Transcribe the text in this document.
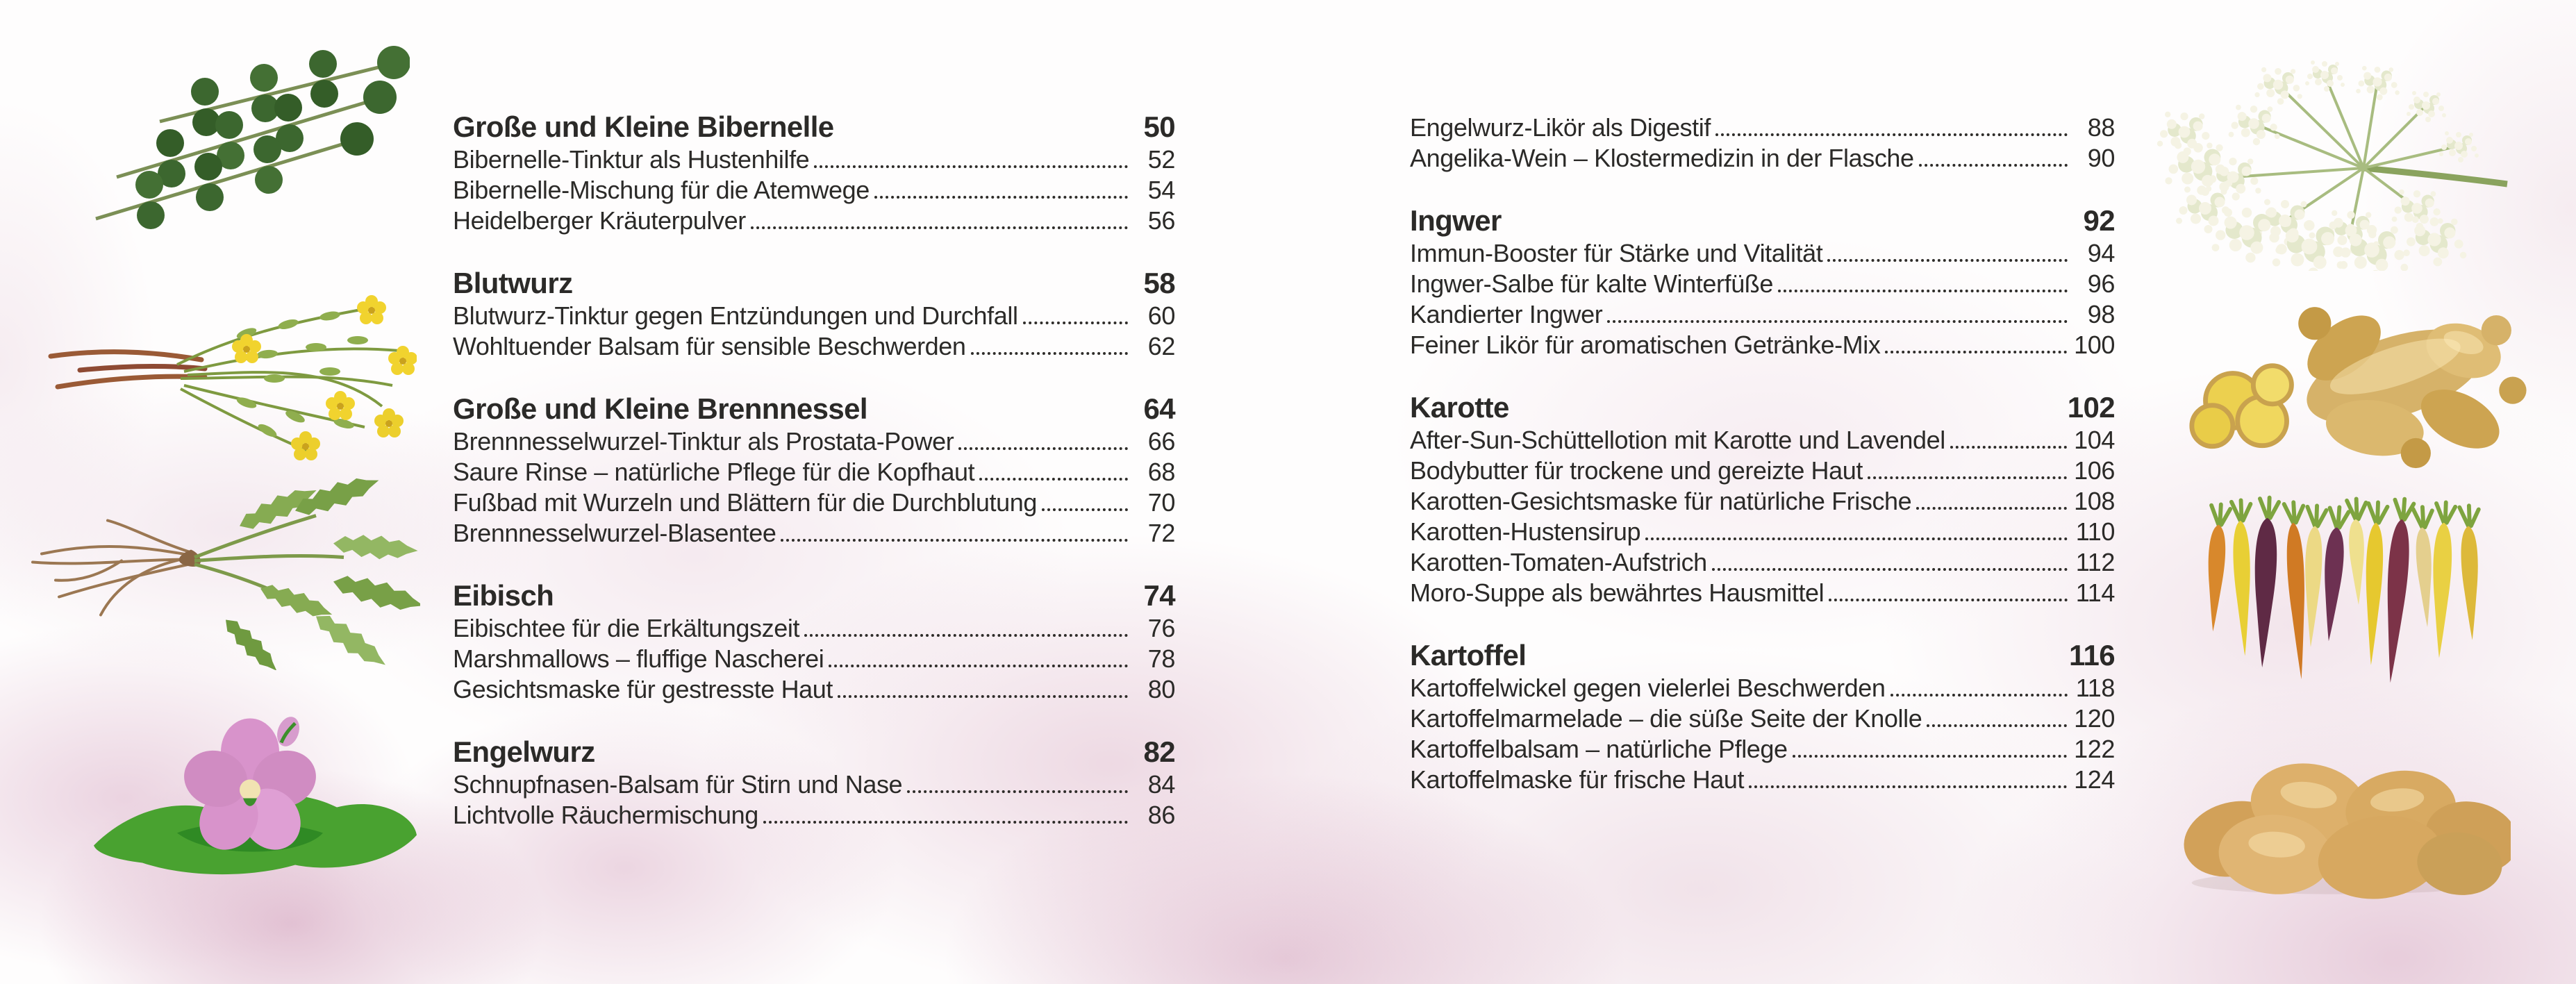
Große und Kleine Bibernelle	50
Bibernelle-Tinktur als Hustenhilfe	52
Bibernelle-Mischung für die Atemwege	54
Heidelberger Kräuterpulver	56
Blutwurz	58
Blutwurz-Tinktur gegen Entzündungen und Durchfall	60
Wohltuender Balsam für sensible Beschwerden	62
Große und Kleine Brennnessel	64
Brennnesselwurzel-Tinktur als Prostata-Power	66
Saure Rinse – natürliche Pflege für die Kopfhaut	68
Fußbad mit Wurzeln und Blättern für die Durchblutung	70
Brennnesselwurzel-Blasentee	72
Eibisch	74
Eibischtee für die Erkältungszeit	76
Marshmallows – fluffige Nascherei	78
Gesichtsmaske für gestresste Haut	80
Engelwurz	82
Schnupfnasen-Balsam für Stirn und Nase	84
Lichtvolle Räuchermischung	86
Engelwurz-Likör als Digestif	88
Angelika-Wein – Klostermedizin in der Flasche	90
Ingwer	92
Immun-Booster für Stärke und Vitalität	94
Ingwer-Salbe für kalte Winterfüße	96
Kandierter Ingwer	98
Feiner Likör für aromatischen Getränke-Mix	100
Karotte	102
After-Sun-Schüttellotion mit Karotte und Lavendel	104
Bodybutter für trockene und gereizte Haut	106
Karotten-Gesichtsmaske für natürliche Frische	108
Karotten-Hustensirup	110
Karotten-Tomaten-Aufstrich	112
Moro-Suppe als bewährtes Hausmittel	114
Kartoffel	116
Kartoffelwickel gegen vielerlei Beschwerden	118
Kartoffelmarmelade – die süße Seite der Knolle	120
Kartoffelbalsam – natürliche Pflege	122
Kartoffelmaske für frische Haut	124
